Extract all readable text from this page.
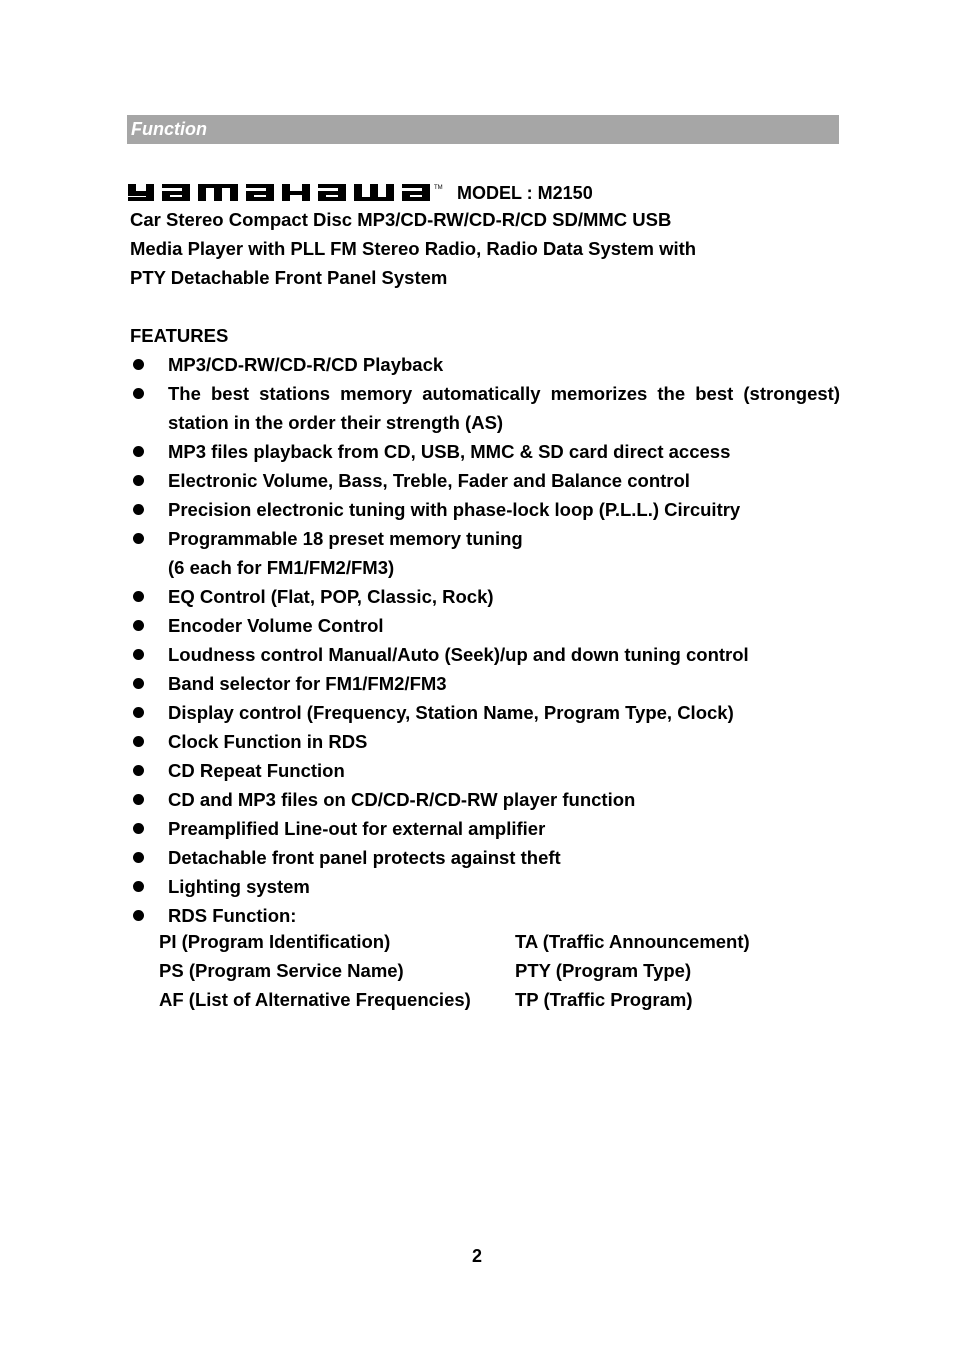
Function
TM MODEL : M2150
Car Stereo Compact Disc MP3/CD-RW/CD-R/CD SD/MMC USB
Media Player with PLL FM Stereo Radio, Radio Data System with
PTY Detachable Front Panel System
FEATURES
MP3/CD-RW/CD-R/CD Playback
The best stations memory automatically memorizes the best (strongest) station in the order their strength (AS)
MP3 files playback from CD, USB, MMC & SD card direct access
Electronic Volume, Bass, Treble, Fader and Balance control
Precision electronic tuning with phase-lock loop (P.L.L.) Circuitry
Programmable 18 preset memory tuning
(6 each for FM1/FM2/FM3)
EQ Control (Flat, POP, Classic, Rock)
Encoder Volume Control
Loudness control Manual/Auto (Seek)/up and down tuning control
Band selector for FM1/FM2/FM3
Display control (Frequency, Station Name, Program Type, Clock)
Clock Function in RDS
CD Repeat Function
CD and MP3 files on CD/CD-R/CD-RW player function
Preamplified Line-out for external amplifier
Detachable front panel protects against theft
Lighting system
RDS Function:
PI (Program Identification)	TA (Traffic Announcement)
PS (Program Service Name)	PTY (Program Type)
AF (List of Alternative Frequencies)	TP (Traffic Program)
2
